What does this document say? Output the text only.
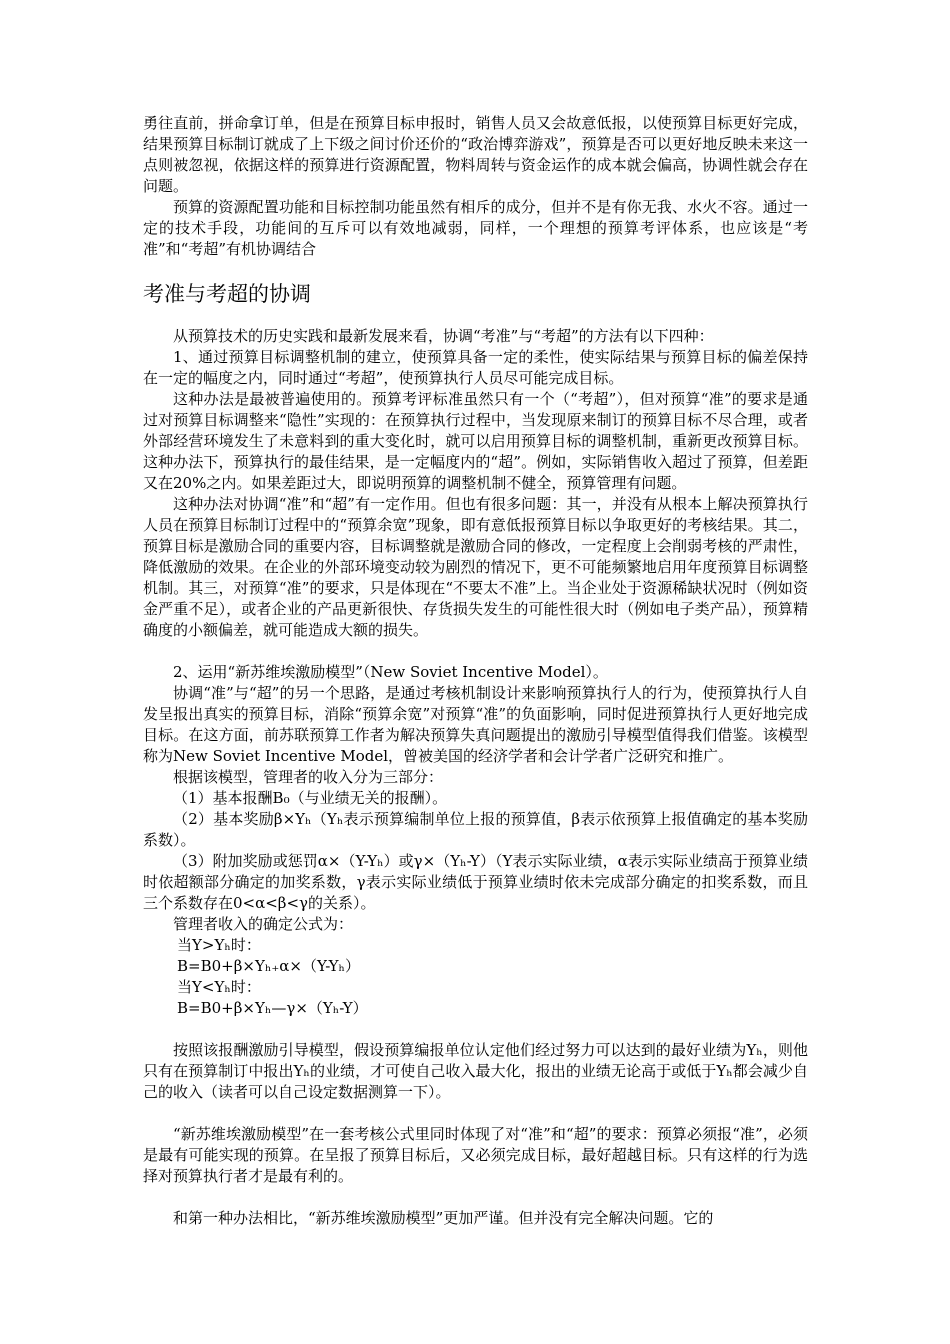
勇往直前，拼命拿订单，但是在预算目标申报时，销售人员又会故意低报，以使预算目标更好完成，结果预算目标制订就成了上下级之间讨价还价的“政治博弈游戏”，预算是否可以更好地反映未来这一点则被忽视，依据这样的预算进行资源配置，物料周转与资金运作的成本就会偏高，协调性就会存在问题。

预算的资源配置功能和目标控制功能虽然有相斥的成分，但并不是有你无我、水火不容。通过一定的技术手段，功能间的互斥可以有效地减弱，同样，一个理想的预算考评体系，也应该是“考准”和“考超”有机协调结合

考准与考超的协调

从预算技术的历史实践和最新发展来看，协调“考准”与“考超”的方法有以下四种：

1、通过预算目标调整机制的建立，使预算具备一定的柔性，使实际结果与预算目标的偏差保持在一定的幅度之内，同时通过“考超”，使预算执行人员尽可能完成目标。

这种办法是最被普遍使用的。预算考评标准虽然只有一个（“考超”），但对预算“准”的要求是通过对预算目标调整来“隐性”实现的：在预算执行过程中，当发现原来制订的预算目标不尽合理，或者外部经营环境发生了未意料到的重大变化时，就可以启用预算目标的调整机制，重新更改预算目标。这种办法下，预算执行的最佳结果，是一定幅度内的“超”。例如，实际销售收入超过了预算，但差距又在20%之内。如果差距过大，即说明预算的调整机制不健全，预算管理有问题。

这种办法对协调“准”和“超”有一定作用。但也有很多问题：其一，并没有从根本上解决预算执行人员在预算目标制订过程中的“预算余宽”现象，即有意低报预算目标以争取更好的考核结果。其二，预算目标是激励合同的重要内容，目标调整就是激励合同的修改，一定程度上会削弱考核的严肃性，降低激励的效果。在企业的外部环境变动较为剧烈的情况下，更不可能频繁地启用年度预算目标调整机制。其三，对预算“准”的要求，只是体现在“不要太不准”上。当企业处于资源稀缺状况时（例如资金严重不足），或者企业的产品更新很快、存货损失发生的可能性很大时（例如电子类产品），预算精确度的小额偏差，就可能造成大额的损失。

2、运用“新苏维埃激励模型”（New Soviet Incentive Model）。

协调“准”与“超”的另一个思路，是通过考核机制设计来影响预算执行人的行为，使预算执行人自发呈报出真实的预算目标，消除“预算余宽”对预算“准”的负面影响，同时促进预算执行人更好地完成目标。在这方面，前苏联预算工作者为解决预算失真问题提出的激励引导模型值得我们借鉴。该模型称为New Soviet Incentive Model，曾被美国的经济学者和会计学者广泛研究和推广。

根据该模型，管理者的收入分为三部分：

（1）基本报酬B₀（与业绩无关的报酬）。

（2）基本奖励β×Yₕ（Yₕ表示预算编制单位上报的预算值，β表示依预算上报值确定的基本奖励系数）。

（3）附加奖励或惩罚α×（Y-Yₕ）或γ×（Yₕ-Y）（Y表示实际业绩，α表示实际业绩高于预算业绩时依超额部分确定的加奖系数，γ表示实际业绩低于预算业绩时依未完成部分确定的扣奖系数，而且三个系数存在0<α<β<γ的关系）。

管理者收入的确定公式为：

当Y>Yₕ时：

B=B0+β×Yₕ₊α×（Y-Yₕ）

当Y<Yₕ时：

B=B0+β×Yₕ—γ×（Yₕ-Y）

按照该报酬激励引导模型，假设预算编报单位认定他们经过努力可以达到的最好业绩为Yₕ，则他只有在预算制订中报出Yₕ的业绩，才可使自己收入最大化，报出的业绩无论高于或低于Yₕ都会减少自己的收入（读者可以自己设定数据测算一下）。

“新苏维埃激励模型”在一套考核公式里同时体现了对“准”和“超”的要求：预算必须报“准”，必须是最有可能实现的预算。在呈报了预算目标后，又必须完成目标，最好超越目标。只有这样的行为选择对预算执行者才是最有利的。

和第一种办法相比，“新苏维埃激励模型”更加严谨。但并没有完全解决问题。它的
